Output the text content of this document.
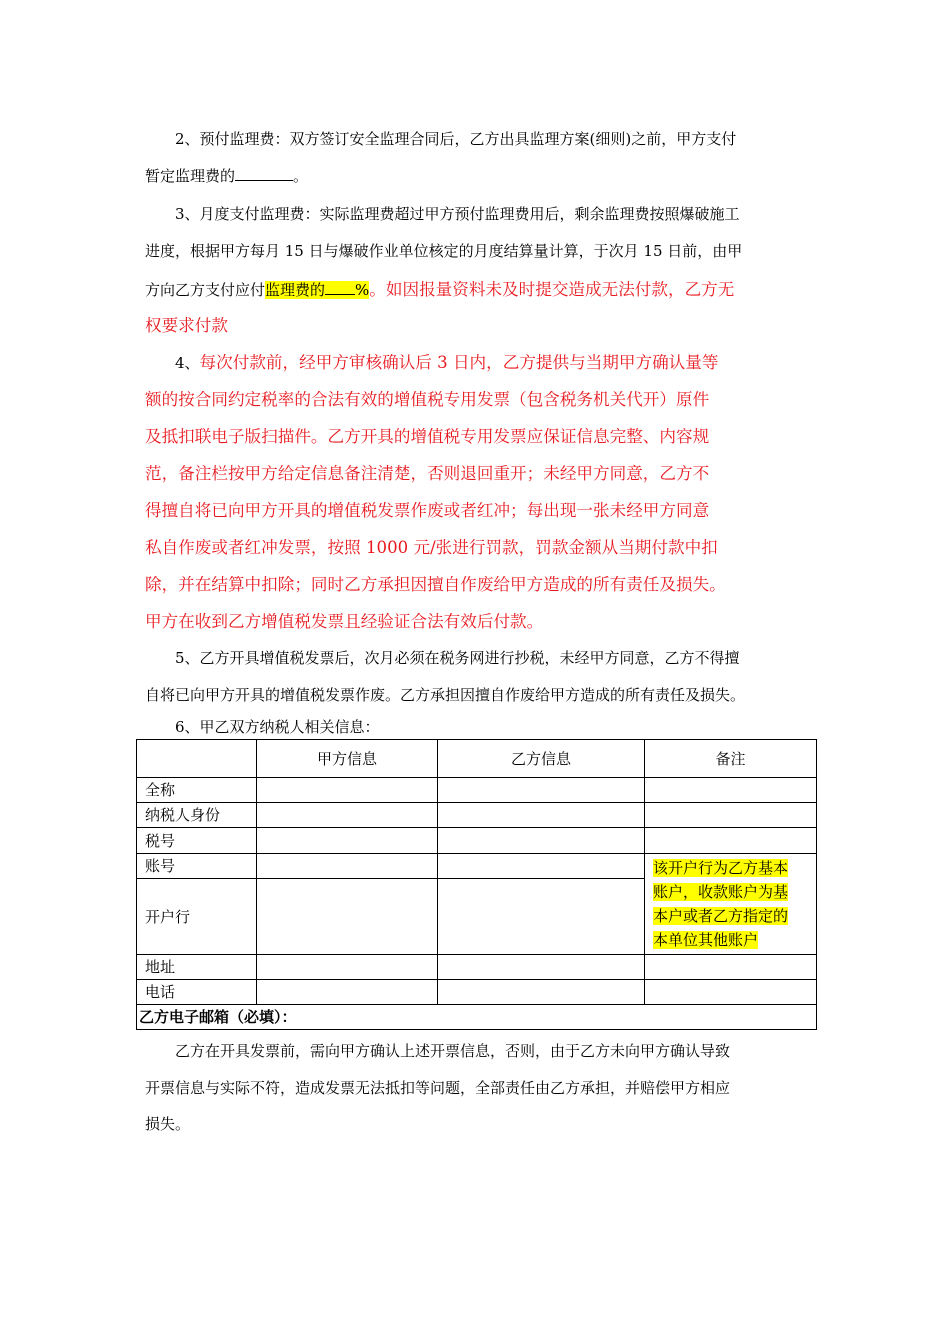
2、预付监理费：双方签订安全监理合同后，乙方出具监理方案(细则)之前，甲方支付
暂定监理费的	。
3、月度支付监理费：实际监理费超过甲方预付监理费用后，剩余监理费按照爆破施工
进度，根据甲方每月 15 日与爆破作业单位核定的月度结算量计算，于次月 15 日前，由甲
方向乙方支付应付监理费的 %。如因报量资料未及时提交造成无法付款，乙方无
权要求付款
4、每次付款前，经甲方审核确认后 3 日内，乙方提供与当期甲方确认量等
额的按合同约定税率的合法有效的增值税专用发票（包含税务机关代开）原件
及抵扣联电子版扫描件。乙方开具的增值税专用发票应保证信息完整、内容规
范，备注栏按甲方给定信息备注清楚，否则退回重开；未经甲方同意，乙方不
得擅自将已向甲方开具的增值税发票作废或者红冲；每出现一张未经甲方同意
私自作废或者红冲发票，按照 1000 元/张进行罚款，罚款金额从当期付款中扣
除，并在结算中扣除；同时乙方承担因擅自作废给甲方造成的所有责任及损失。
甲方在收到乙方增值税发票且经验证合法有效后付款。
5、乙方开具增值税发票后，次月必须在税务网进行抄税，未经甲方同意，乙方不得擅
自将已向甲方开具的增值税发票作废。乙方承担因擅自作废给甲方造成的所有责任及损失。
6、甲乙双方纳税人相关信息：
	甲方信息	乙方信息	备注
全称			
纳税人身份			
税号			
账号			该开户行为乙方基本
账户，收款账户为基
本户或者乙方指定的
本单位其他账户
开户行			
地址			
电话			
乙方电子邮箱（必填）：			
乙方在开具发票前，需向甲方确认上述开票信息，否则，由于乙方未向甲方确认导致
开票信息与实际不符，造成发票无法抵扣等问题，全部责任由乙方承担，并赔偿甲方相应
损失。
